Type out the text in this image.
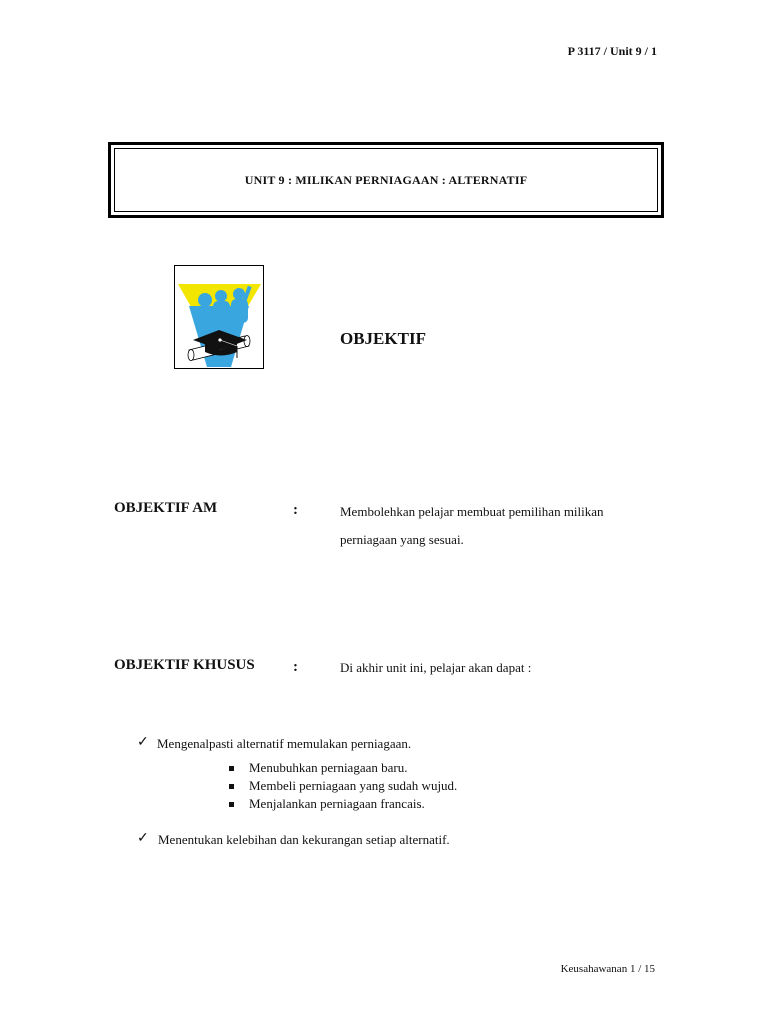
P 3117 / Unit 9 / 1
UNIT 9 : MILIKAN PERNIAGAAN : ALTERNATIF
OBJEKTIF
OBJEKTIF AM	:	Membolehkan pelajar membuat pemilihan milikan
perniagaan yang sesuai.
OBJEKTIF KHUSUS	:	Di akhir unit ini, pelajar akan dapat :
✓ Mengenalpasti alternatif memulakan perniagaan.
Menubuhkan perniagaan baru.
Membeli perniagaan yang sudah wujud.
Menjalankan perniagaan francais.
✓ Menentukan kelebihan dan kekurangan setiap alternatif.
Keusahawanan 1 / 15
